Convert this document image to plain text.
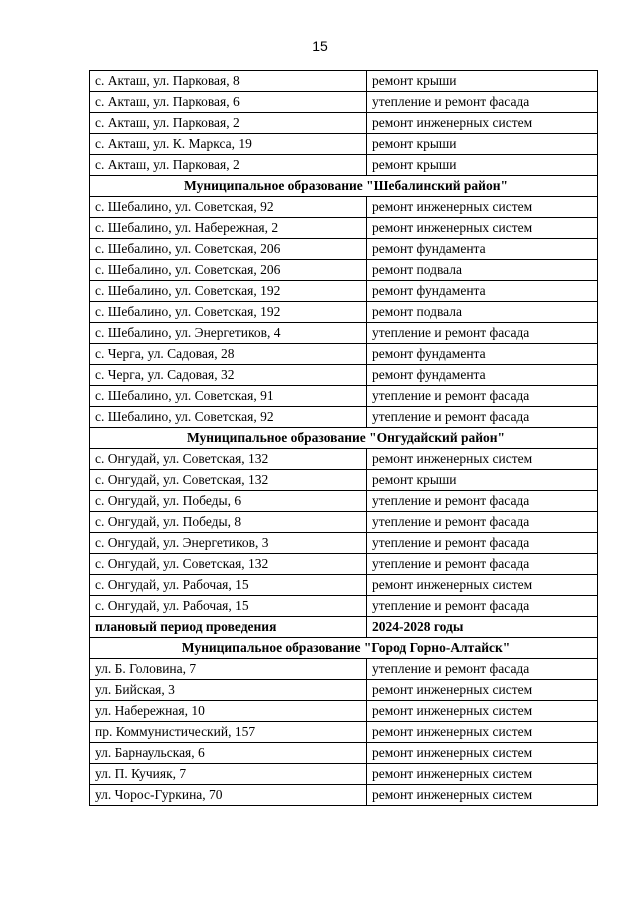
15
с. Акташ, ул. Парковая, 8	ремонт крыши
с. Акташ, ул. Парковая, 6	утепление и ремонт фасада
с. Акташ, ул. Парковая, 2	ремонт инженерных систем
с. Акташ, ул. К. Маркса, 19	ремонт крыши
с. Акташ, ул. Парковая, 2	ремонт крыши
Муниципальное образование "Шебалинский район"	
с. Шебалино, ул. Советская, 92	ремонт инженерных систем
с. Шебалино, ул. Набережная, 2	ремонт инженерных систем
с. Шебалино, ул. Советская, 206	ремонт фундамента
с. Шебалино, ул. Советская, 206	ремонт подвала
с. Шебалино, ул. Советская, 192	ремонт фундамента
с. Шебалино, ул. Советская, 192	ремонт подвала
с. Шебалино, ул. Энергетиков, 4	утепление и ремонт фасада
с. Черга, ул. Садовая, 28	ремонт фундамента
с. Черга, ул. Садовая, 32	ремонт фундамента
с. Шебалино, ул. Советская, 91	утепление и ремонт фасада
с. Шебалино, ул. Советская, 92	утепление и ремонт фасада
Муниципальное образование "Онгудайский район"	
с. Онгудай, ул. Советская, 132	ремонт инженерных систем
с. Онгудай, ул. Советская, 132	ремонт крыши
с. Онгудай, ул. Победы, 6	утепление и ремонт фасада
с. Онгудай, ул. Победы, 8	утепление и ремонт фасада
с. Онгудай, ул. Энергетиков, 3	утепление и ремонт фасада
с. Онгудай, ул. Советская, 132	утепление и ремонт фасада
с. Онгудай, ул. Рабочая, 15	ремонт инженерных систем
с. Онгудай, ул. Рабочая, 15	утепление и ремонт фасада
плановый период проведения	2024-2028 годы
Муниципальное образование "Город Горно-Алтайск"	
ул. Б. Головина, 7	утепление и ремонт фасада
ул. Бийская, 3	ремонт инженерных систем
ул. Набережная, 10	ремонт инженерных систем
пр. Коммунистический, 157	ремонт инженерных систем
ул. Барнаульская, 6	ремонт инженерных систем
ул. П. Кучияк, 7	ремонт инженерных систем
ул. Чорос-Гуркина, 70	ремонт инженерных систем
